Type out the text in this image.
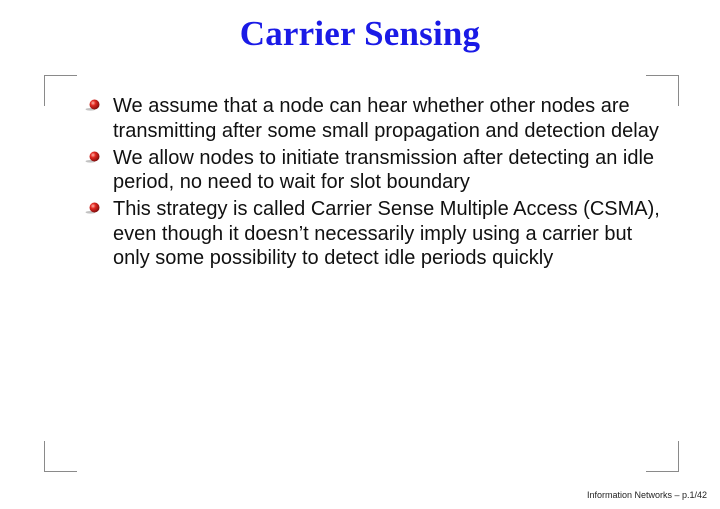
Carrier Sensing
We assume that a node can hear whether other nodes are transmitting after some small propagation and detection delay
We allow nodes to initiate transmission after detecting an idle period, no need to wait for slot boundary
This strategy is called Carrier Sense Multiple Access (CSMA), even though it doesn’t necessarily imply using a carrier but only some possibility to detect idle periods quickly
Information Networks – p.1/42
